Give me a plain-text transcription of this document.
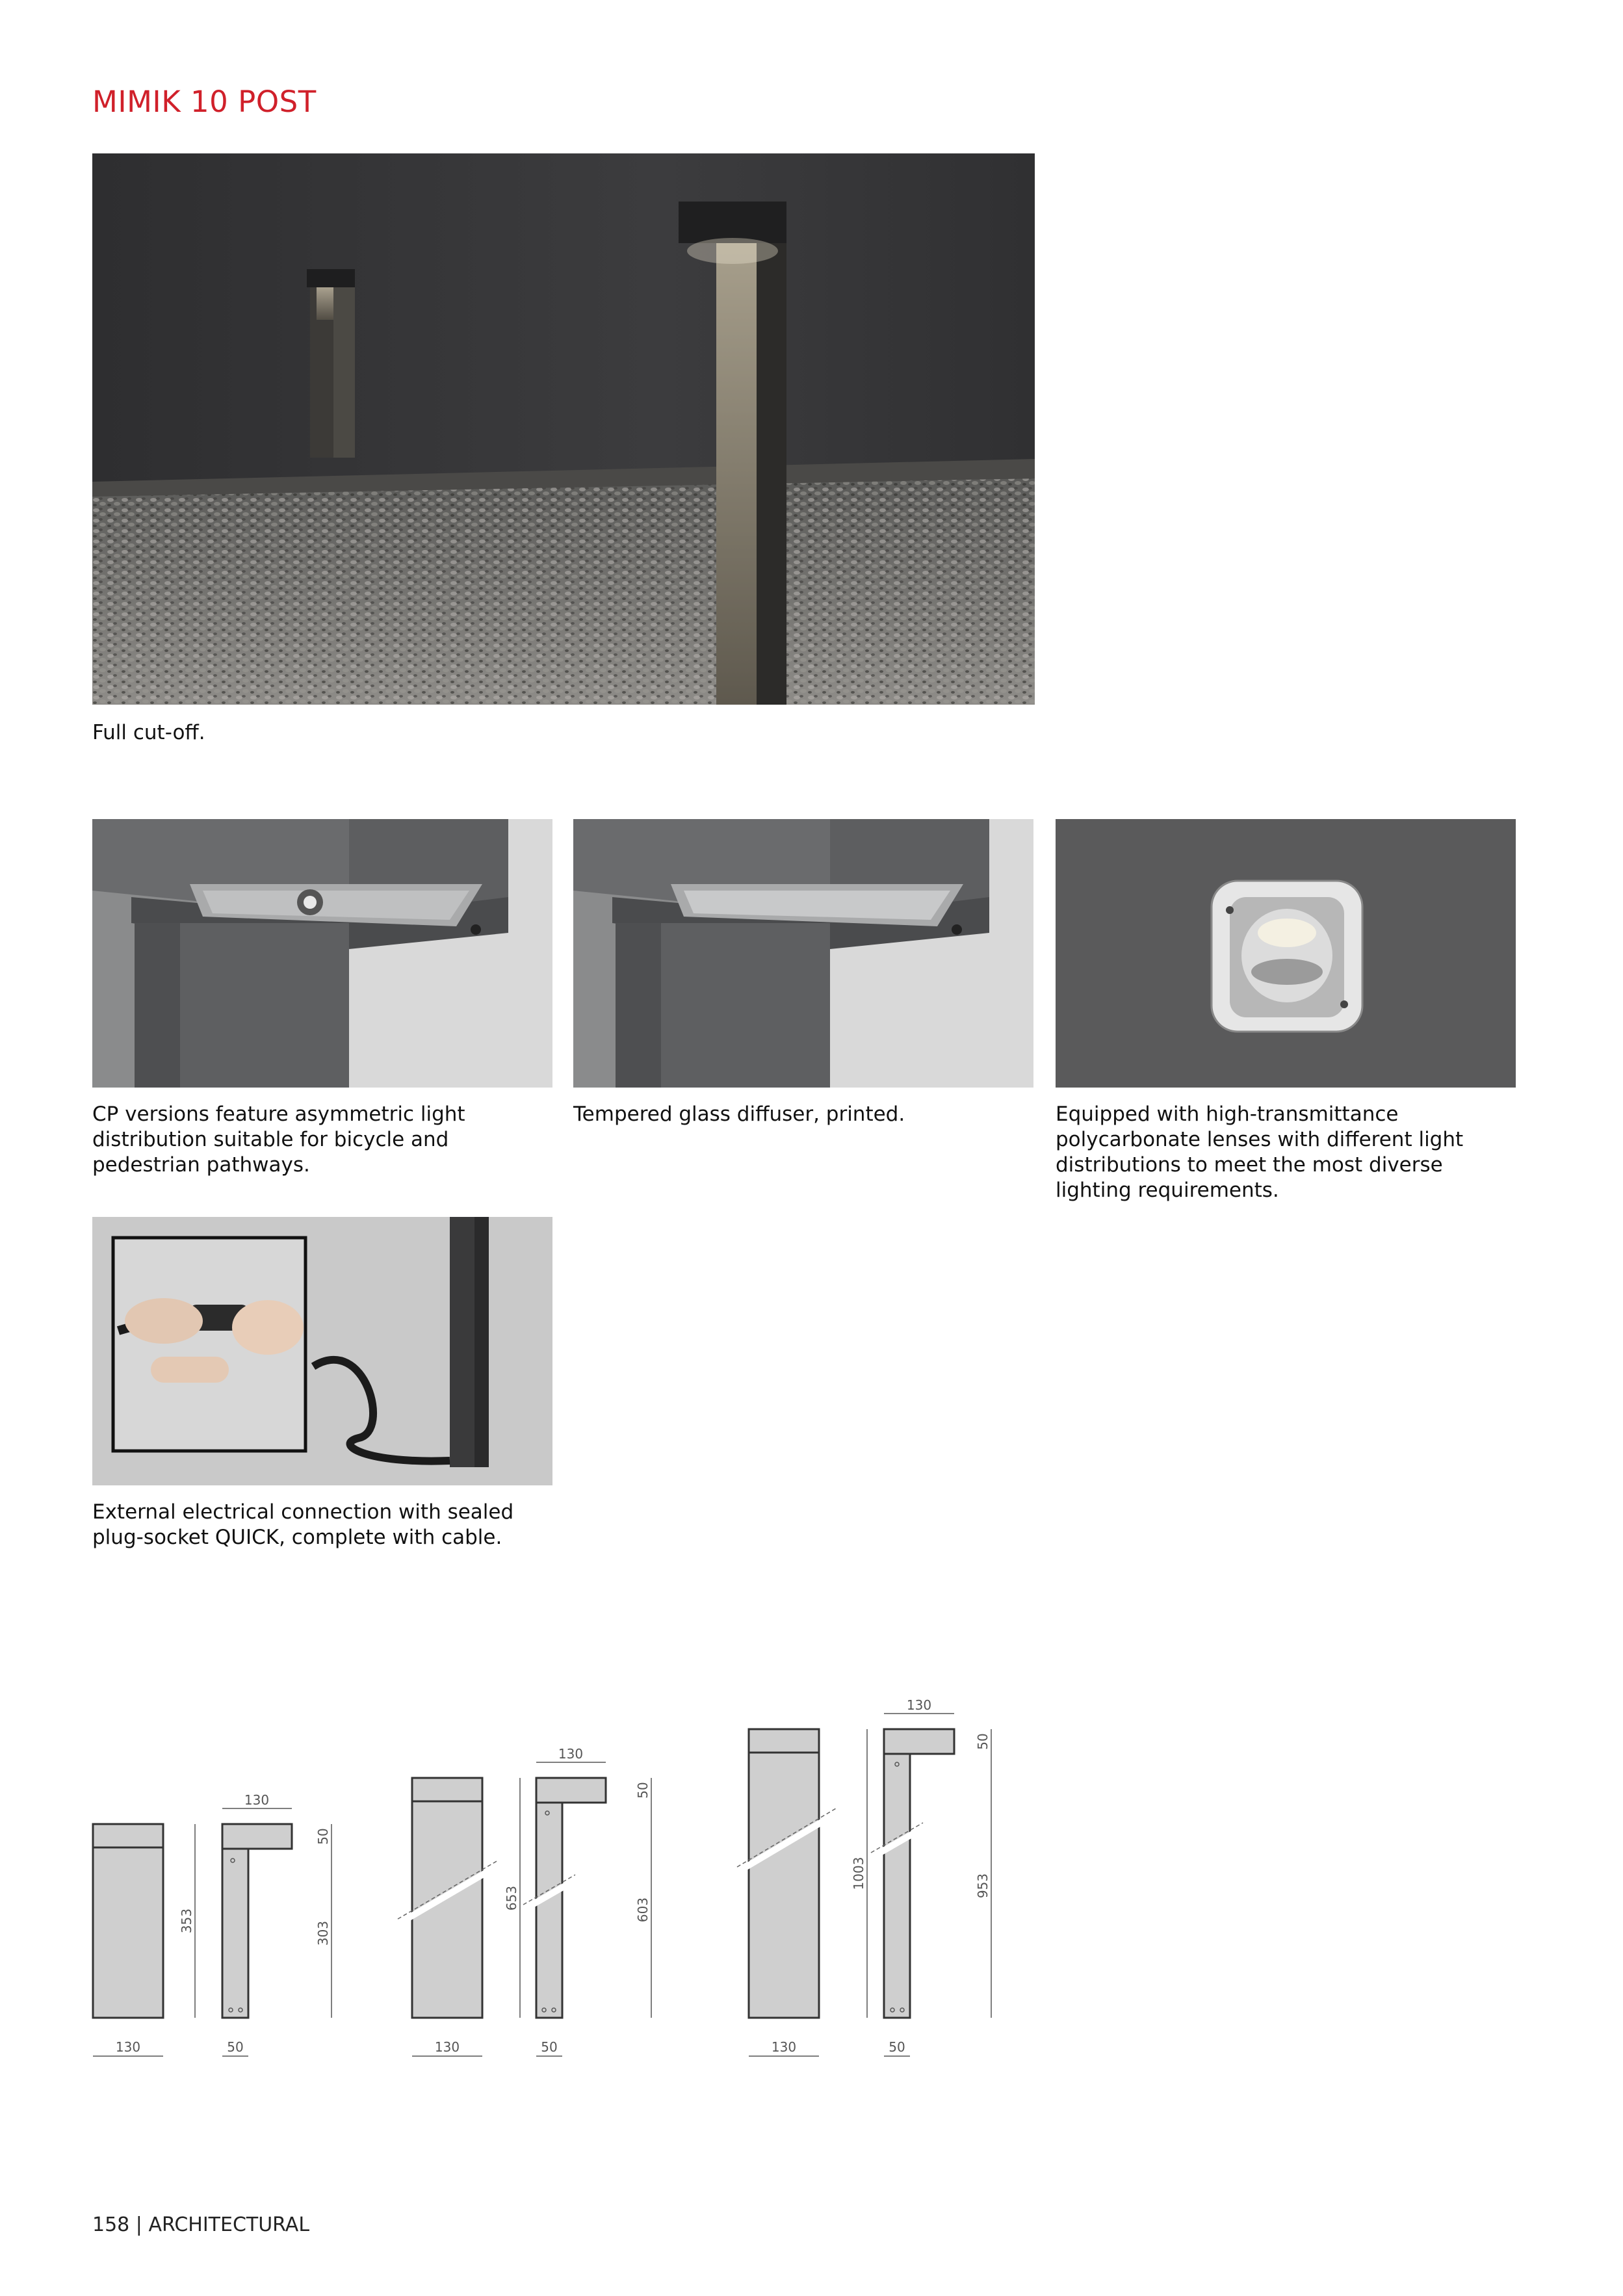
MIMIK 10 POST
Full cut-off.
CP versions feature asymmetric light distribution suitable for bicycle and pedestrian pathways.
Tempered glass diffuser, printed.	Equipped with high-transmittance polycarbonate lenses with different light distributions to meet the most diverse lighting requirements.
External electrical connection with sealed plug-socket QUICK, complete with cable.
130	50
130
353	303
50
130	50
130
653	603
50
130	50
130
1003	953
50
158 | ARCHITECTURAL
